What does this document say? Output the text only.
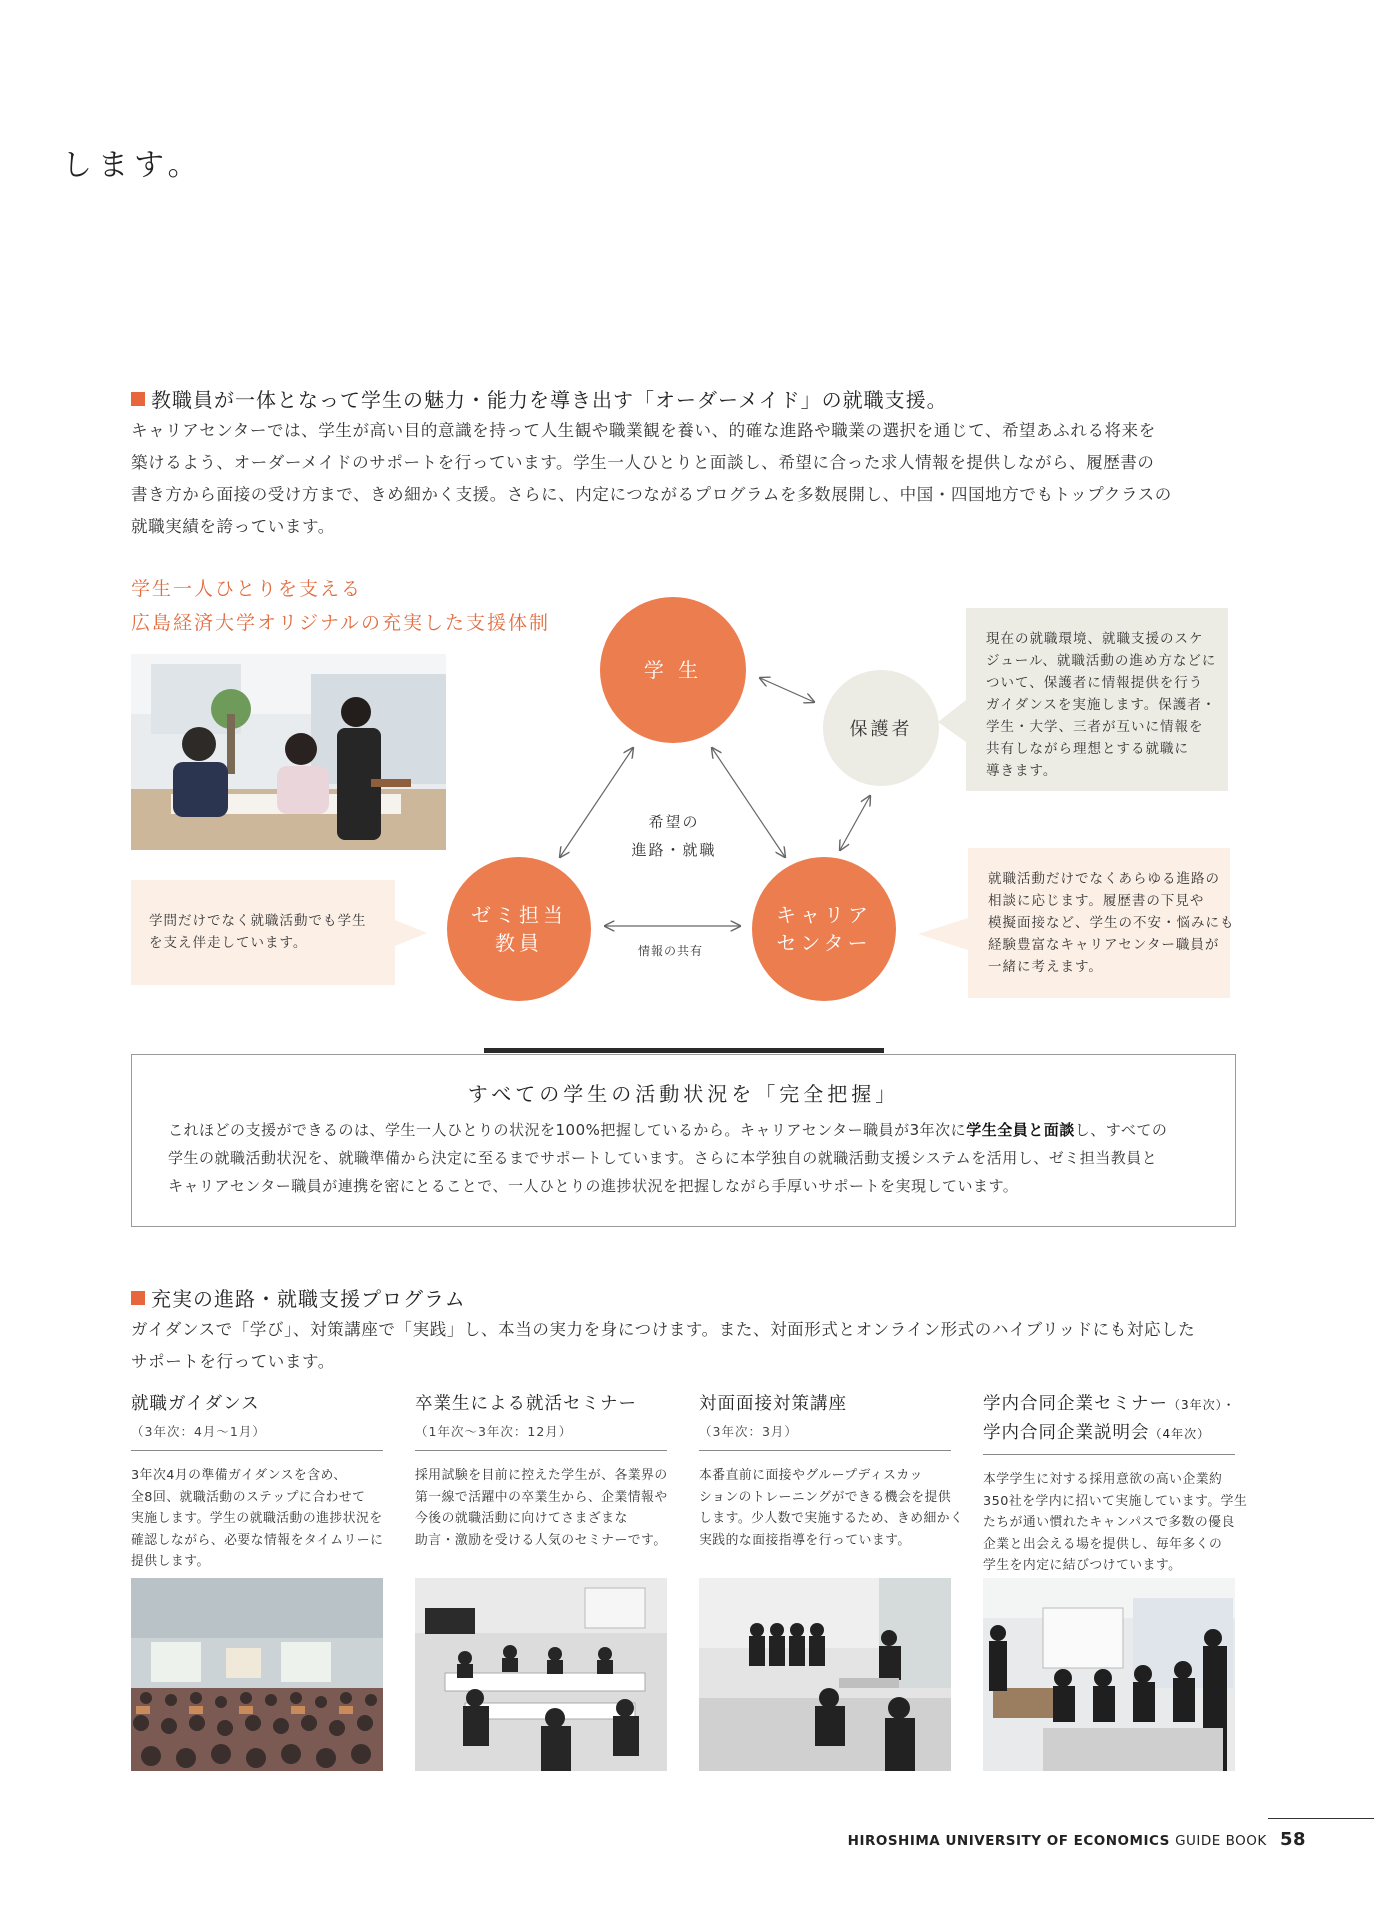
します。
教職員が一体となって学生の魅力・能力を導き出す「オーダーメイド」の就職支援。

キャリアセンターでは、学生が高い目的意識を持って人生観や職業観を養い、的確な進路や職業の選択を通じて、希望あふれる将来を

築けるよう、オーダーメイドのサポートを行っています。学生一人ひとりと面談し、希望に合った求人情報を提供しながら、履歴書の

書き方から面接の受け方まで、きめ細かく支援。さらに、内定につながるプログラムを多数展開し、中国・四国地方でもトップクラスの

就職実績を誇っています。

学生一人ひとりを支える

広島経済大学オリジナルの充実した支援体制

学 生
保護者

ゼミ担当

教員

キャリア

センター

希望の

進路・就職

情報の共有

現在の就職環境、就職支援のスケ

ジュール、就職活動の進め方などに

ついて、保護者に情報提供を行う

ガイダンスを実施します。保護者・

学生・大学、三者が互いに情報を

共有しながら理想とする就職に

導きます。

学問だけでなく就職活動でも学生

を支え伴走しています。

就職活動だけでなくあらゆる進路の

相談に応じます。履歴書の下見や

模擬面接など、学生の不安・悩みにも

経験豊富なキャリアセンター職員が

一緒に考えます。

すべての学生の活動状況を「完全把握」

これほどの支援ができるのは、学生一人ひとりの状況を100%把握しているから。キャリアセンター職員が3年次に学生全員と面談し、すべての

学生の就職活動状況を、就職準備から決定に至るまでサポートしています。さらに本学独自の就職活動支援システムを活用し、ゼミ担当教員と

キャリアセンター職員が連携を密にとることで、一人ひとりの進捗状況を把握しながら手厚いサポートを実現しています。

充実の進路・就職支援プログラム

ガイダンスで「学び」、対策講座で「実践」し、本当の実力を身につけます。また、対面形式とオンライン形式のハイブリッドにも対応した

サポートを行っています。

就職ガイダンス

（3年次：4月〜1月）

3年次4月の準備ガイダンスを含め、

全8回、就職活動のステップに合わせて

実施します。学生の就職活動の進捗状況を

確認しながら、必要な情報をタイムリーに

提供します。

卒業生による就活セミナー

（1年次〜3年次：12月）

採用試験を目前に控えた学生が、各業界の

第一線で活躍中の卒業生から、企業情報や

今後の就職活動に向けてさまざまな

助言・激励を受ける人気のセミナーです。

対面面接対策講座

（3年次：3月）

本番直前に面接やグループディスカッ

ションのトレーニングができる機会を提供

します。少人数で実施するため、きめ細かく

実践的な面接指導を行っています。

学内合同企業セミナー（3年次）・

学内合同企業説明会（4年次）

本学学生に対する採用意欲の高い企業約

350社を学内に招いて実施しています。学生

たちが通い慣れたキャンパスで多数の優良

企業と出会える場を提供し、毎年多くの

学生を内定に結びつけています。

HIROSHIMA UNIVERSITY OF ECONOMICS GUIDE BOOK 58
